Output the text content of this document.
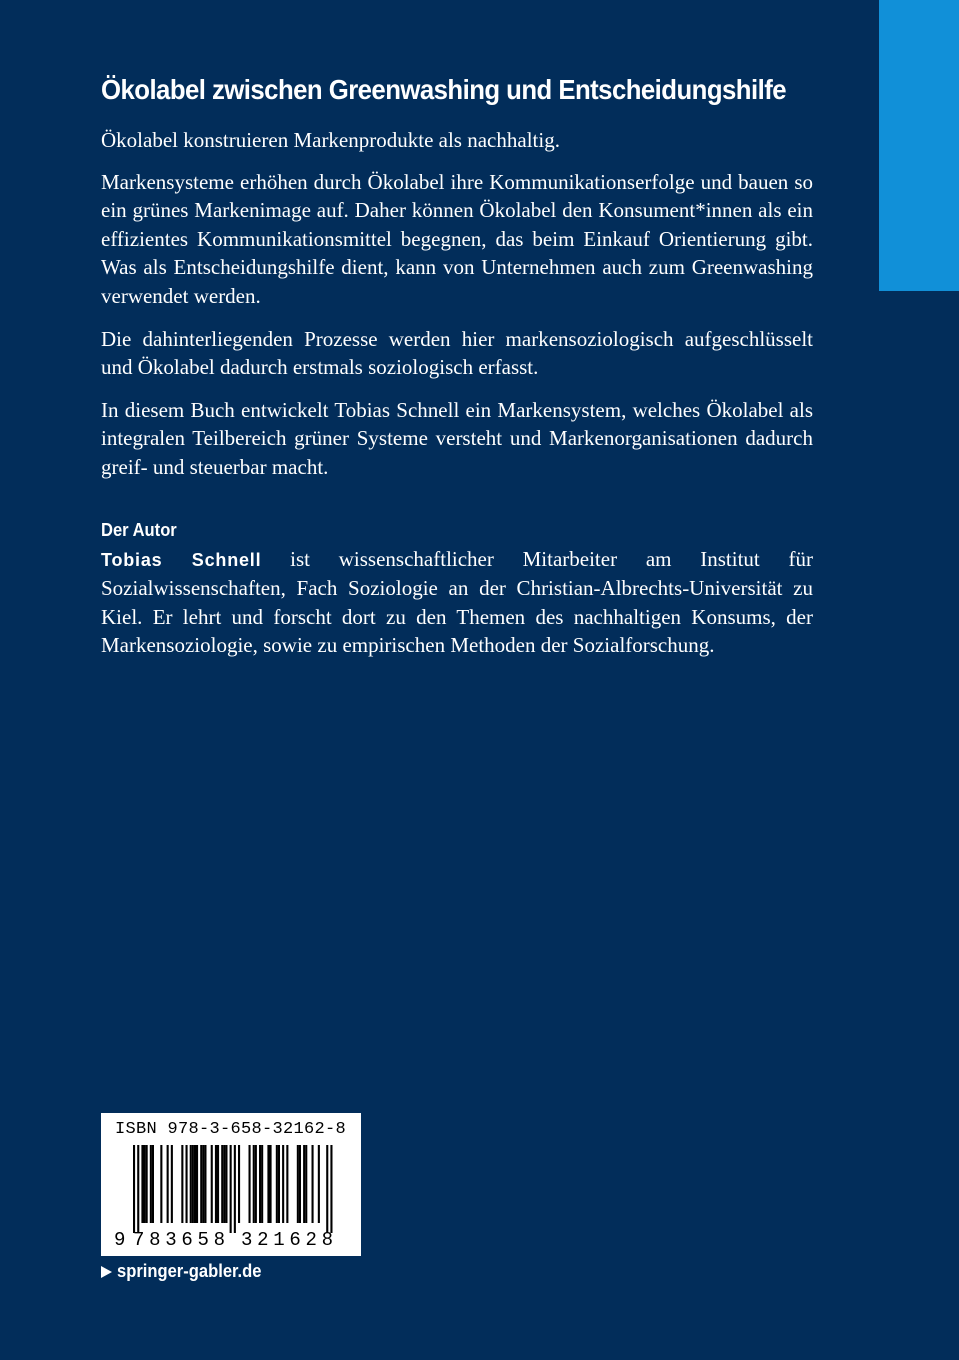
Ökolabel zwischen Greenwashing und Entscheidungshilfe

Ökolabel konstruieren Markenprodukte als nachhaltig.

Markensysteme erhöhen durch Ökolabel ihre Kommunikationserfolge und bauen so ein grünes Markenimage auf. Daher können Ökolabel den Konsument*innen als ein effizientes Kommunikationsmittel begegnen, das beim Einkauf Orientierung gibt. Was als Entscheidungshilfe dient, kann von Unternehmen auch zum Greenwashing verwendet werden.

Die dahinterliegenden Prozesse werden hier markensoziologisch aufgeschlüsselt und Ökolabel dadurch erstmals soziologisch erfasst.

In diesem Buch entwickelt Tobias Schnell ein Markensystem, welches Ökolabel als integralen Teilbereich grüner Systeme versteht und Markenorganisationen dadurch greif- und steuerbar macht.

Der Autor

Tobias Schnell ist wissenschaftlicher Mitarbeiter am Institut für Sozialwissenschaften, Fach Soziologie an der Christian-Albrechts-Universität zu Kiel. Er lehrt und forscht dort zu den Themen des nachhaltigen Konsums, der Markensoziologie, sowie zu empirischen Methoden der Sozialforschung.

ISBN 978-3-658-32162-8
9 783658 321628
springer-gabler.de
